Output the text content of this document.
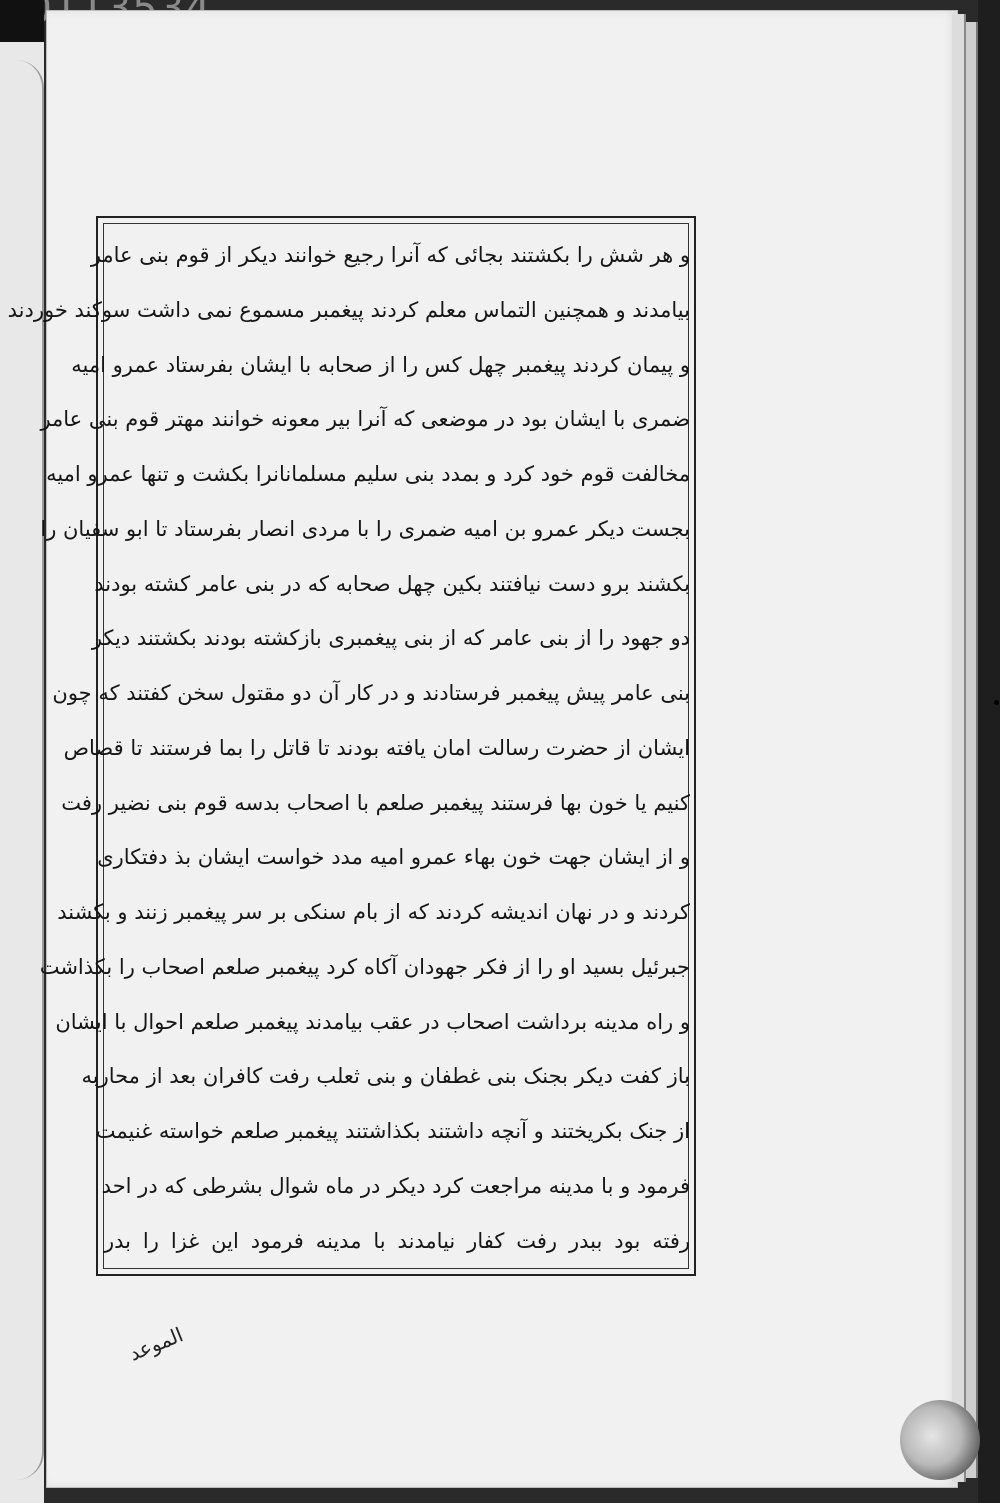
و هر شش را بکشتند بجائی که آنرا رجیع خوانند دیکر از قوم بنی عامر
بیامدند و همچنین التماس معلم کردند پیغمبر مسموع نمی داشت سوکند خوردند
و پیمان کردند پیغمبر چهل کس را از صحابه با ایشان بفرستاد عمرو امیه
ضمری با ایشان بود در موضعی که آنرا بیر معونه خوانند مهتر قوم بنی عامر
مخالفت قوم خود کرد و بمدد بنی سلیم مسلمانانرا بکشت و تنها عمرو امیه
بجست دیکر عمرو بن امیه ضمری را با مردی انصار بفرستاد تا ابو سفیان را
بکشند برو دست نیافتند بکین چهل صحابه که در بنی عامر کشته بودند
دو جهود را از بنی عامر که از بنی پیغمبری بازکشته بودند بکشتند دیکر
بنی عامر پیش پیغمبر فرستادند و در کار آن دو مقتول سخن کفتند که چون
ایشان از حضرت رسالت امان یافته بودند تا قاتل را بما فرستند تا قصاص
کنیم یا خون بها فرستند پیغمبر صلعم با اصحاب بدسه قوم بنی نضیر رفت
و از ایشان جهت خون بهاء عمرو امیه مدد خواست ایشان بذ دفتکاری
کردند و در نهان اندیشه کردند که از بام سنکی بر سر پیغمبر زنند و بکشند
جبرئیل بسید او را از فکر جهودان آکاه کرد پیغمبر صلعم اصحاب را بکذاشت
و راه مدینه برداشت اصحاب در عقب بیامدند پیغمبر صلعم احوال با ایشان
باز کفت دیکر بجنک بنی غطفان و بنی ثعلب رفت کافران بعد از محاربه
از جنک بکریختند و آنچه داشتند بکذاشتند پیغمبر صلعم خواسته غنیمت
فرمود و با مدینه مراجعت کرد دیکر در ماه شوال بشرطی که در احد
رفته بود ببدر رفت کفار نیامدند با مدینه فرمود این غزا را بدر
الموعد
